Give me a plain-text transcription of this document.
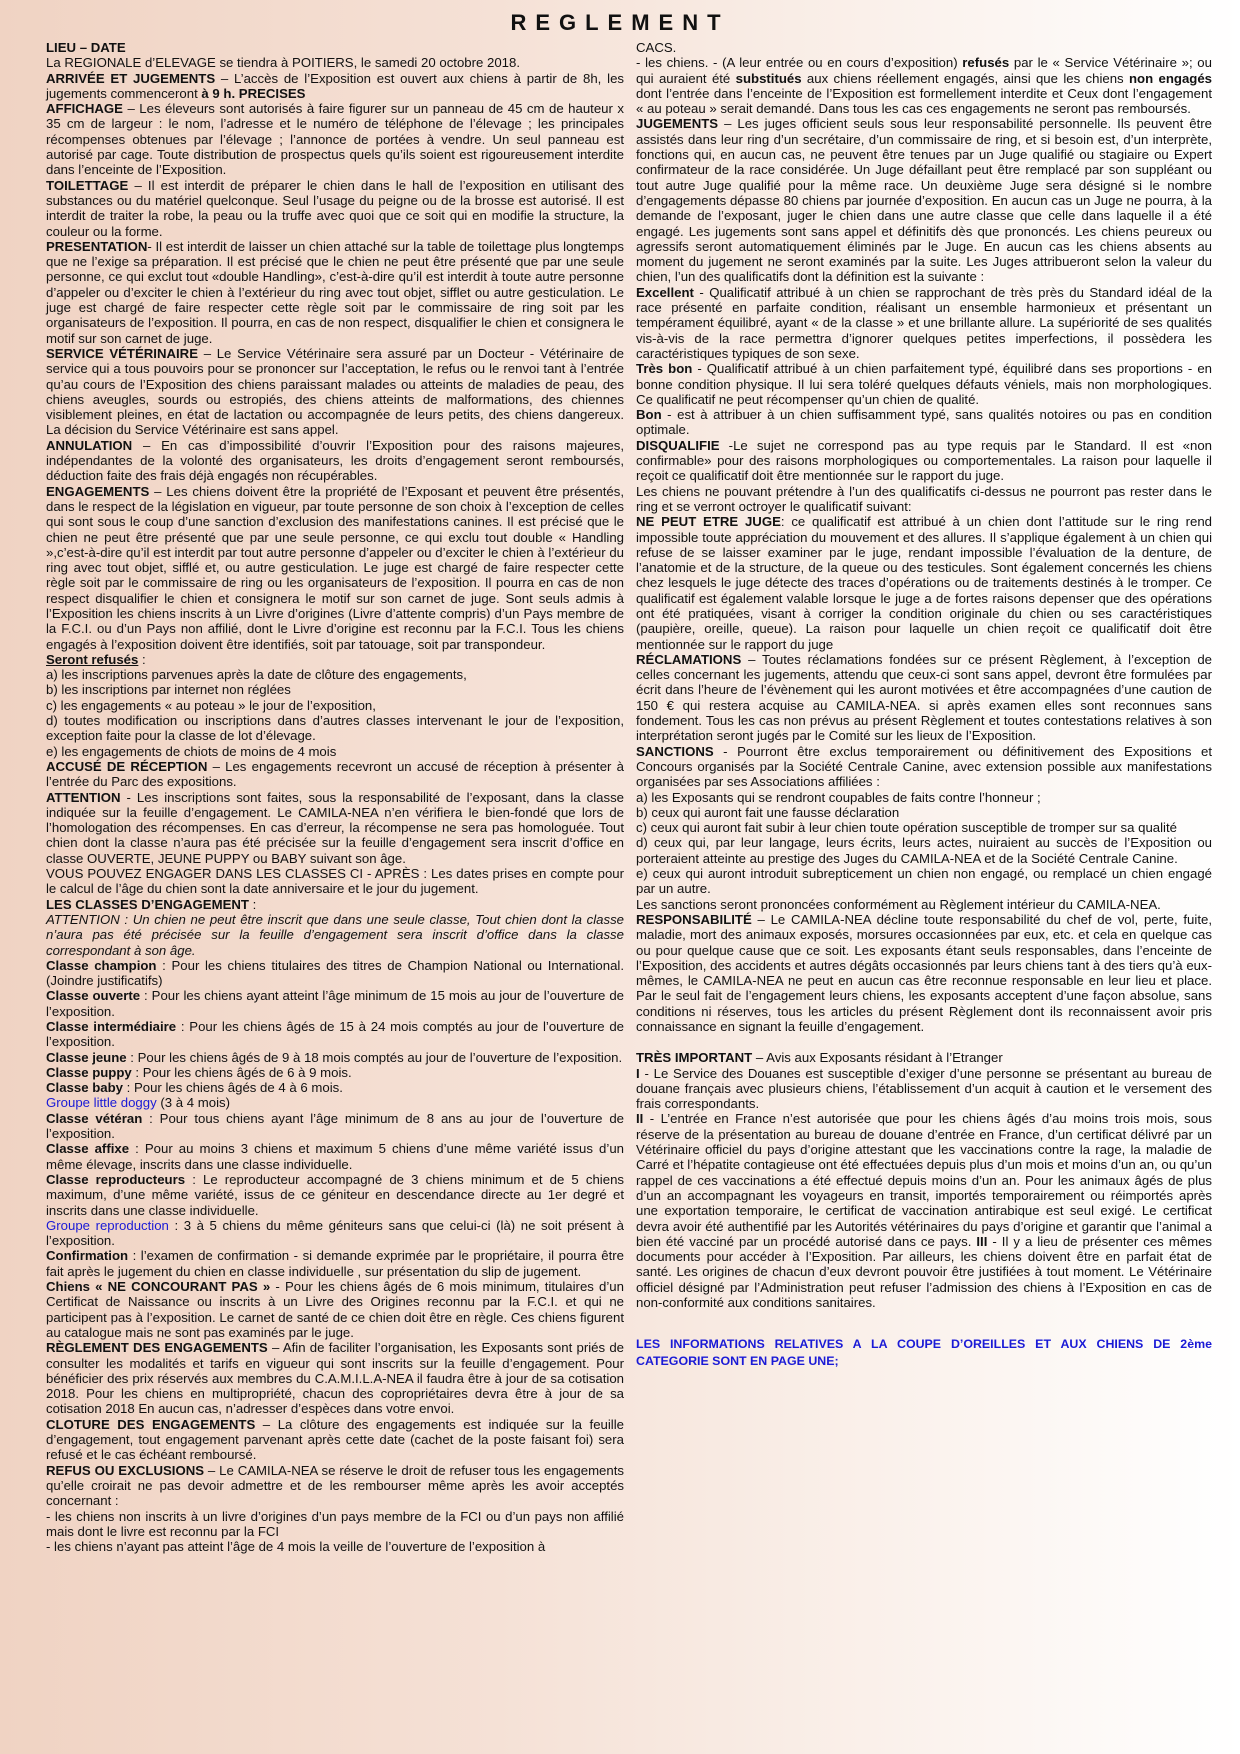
REGLEMENT

LIEU – DATE

La REGIONALE d’ELEVAGE se tiendra à POITIERS, le samedi 20 octobre 2018.

ARRIVÉE ET JUGEMENTS – L’accès de l’Exposition est ouvert aux chiens à partir de 8h, les jugements commenceront à 9 h. PRECISES

AFFICHAGE – Les éleveurs sont autorisés à faire figurer sur un panneau de 45 cm de hauteur x 35 cm de largeur : le nom, l’adresse et le numéro de téléphone de l’élevage ; les principales récompenses obtenues par l’élevage ; l’annonce de portées à vendre. Un seul panneau est autorisé par cage. Toute distribution de prospectus quels qu’ils soient est rigoureusement interdite dans l’enceinte de l’Exposition.

TOILETTAGE – Il est interdit de préparer le chien dans le hall de l’exposition en utilisant des substances ou du matériel quelconque. Seul l’usage du peigne ou de la brosse est autorisé. Il est interdit de traiter la robe, la peau ou la truffe avec quoi que ce soit qui en modifie la structure, la couleur ou la forme.

PRESENTATION- Il est interdit de laisser un chien attaché sur la table de toilettage plus longtemps que ne l’exige sa préparation. Il est précisé que le chien ne peut être présenté que par une seule personne, ce qui exclut tout «double Handling», c’est-à-dire qu’il est interdit à toute autre personne d’appeler ou d’exciter le chien à l’extérieur du ring avec tout objet, sifflet ou autre gesticulation. Le juge est chargé de faire respecter cette règle soit par le commissaire de ring soit par les organisateurs de l’exposition. Il pourra, en cas de non respect, disqualifier le chien et consignera le motif sur son carnet de juge.

SERVICE VÉTÉRINAIRE – Le Service Vétérinaire sera assuré par un Docteur - Vétérinaire de service qui a tous pouvoirs pour se prononcer sur l’acceptation, le refus ou le renvoi tant à l’entrée qu’au cours de l’Exposition des chiens paraissant malades ou atteints de maladies de peau, des chiens aveugles, sourds ou estropiés, des chiens atteints de malformations, des chiennes visiblement pleines, en état de lactation ou accompagnée de leurs petits, des chiens dangereux. La décision du Service Vétérinaire est sans appel.

ANNULATION – En cas d’impossibilité d’ouvrir l’Exposition pour des raisons majeures, indépendantes de la volonté des organisateurs, les droits d’engagement seront remboursés, déduction faite des frais déjà engagés non récupérables.

ENGAGEMENTS – Les chiens doivent être la propriété de l’Exposant et peuvent être présentés, dans le respect de la législation en vigueur, par toute personne de son choix à l’exception de celles qui sont sous le coup d’une sanction d’exclusion des manifestations canines. Il est précisé que le chien ne peut être présenté que par une seule personne, ce qui exclu tout double « Handling »,c’est-à-dire qu’il est interdit par tout autre personne d’appeler ou d’exciter le chien à l’extérieur du ring avec tout objet, sifflé et, ou autre gesticulation. Le juge est chargé de faire respecter cette règle soit par le commissaire de ring ou les organisateurs de l’exposition. Il pourra en cas de non respect disqualifier le chien et consignera le motif sur son carnet de juge. Sont seuls admis à l’Exposition les chiens inscrits à un Livre d’origines (Livre d’attente compris) d’un Pays membre de la F.C.I. ou d’un Pays non affilié, dont le Livre d’origine est reconnu par la F.C.I. Tous les chiens engagés à l’exposition doivent être identifiés, soit par tatouage, soit par transpondeur.

Seront refusés :

a) les inscriptions parvenues après la date de clôture des engagements,

b) les inscriptions par internet non réglées

c) les engagements « au poteau » le jour de l’exposition,

d) toutes modification ou inscriptions dans d’autres classes intervenant le jour de l’exposition, exception faite pour la classe de lot d’élevage.

e) les engagements de chiots de moins de 4 mois

ACCUSÉ DE RÉCEPTION – Les engagements recevront un accusé de réception à présenter à l’entrée du Parc des expositions.

ATTENTION - Les inscriptions sont faites, sous la responsabilité de l’exposant, dans la classe indiquée sur la feuille d’engagement. Le CAMILA-NEA n’en vérifiera le bien-fondé que lors de l’homologation des récompenses. En cas d’erreur, la récompense ne sera pas homologuée. Tout chien dont la classe n’aura pas été précisée sur la feuille d’engagement sera inscrit d’office en classe OUVERTE, JEUNE PUPPY ou BABY suivant son âge.

VOUS POUVEZ ENGAGER DANS LES CLASSES CI - APRÈS : Les dates prises en compte pour le calcul de l’âge du chien sont la date anniversaire et le jour du jugement.

LES CLASSES D’ENGAGEMENT :

ATTENTION : Un chien ne peut être inscrit que dans une seule classe, Tout chien dont la classe n’aura pas été précisée sur la feuille d’engagement sera inscrit d’office dans la classe correspondant à son âge.

Classe champion : Pour les chiens titulaires des titres de Champion National ou International. (Joindre justificatifs)

Classe ouverte : Pour les chiens ayant atteint l’âge minimum de 15 mois au jour de l’ouverture de l’exposition.

Classe intermédiaire : Pour les chiens âgés de 15 à 24 mois comptés au jour de l’ouverture de l’exposition.

Classe jeune : Pour les chiens âgés de 9 à 18 mois comptés au jour de l’ouverture de l’exposition.

Classe puppy : Pour les chiens âgés de 6 à 9 mois.

Classe baby : Pour les chiens âgés de 4 à 6 mois.

Groupe little doggy (3 à 4 mois)

Classe vétéran : Pour tous chiens ayant l’âge minimum de 8 ans au jour de l’ouverture de l’exposition.

Classe affixe : Pour au moins 3 chiens et maximum 5 chiens d’une même variété issus d’un même élevage, inscrits dans une classe individuelle.

Classe reproducteurs : Le reproducteur accompagné de 3 chiens minimum et de 5 chiens maximum, d’une même variété, issus de ce géniteur en descendance directe au 1er degré et inscrits dans une classe individuelle.

Groupe reproduction : 3 à 5 chiens du même géniteurs sans que celui-ci (là) ne soit présent à l’exposition.

Confirmation : l’examen de confirmation - si demande exprimée par le propriétaire, il pourra être fait après le jugement du chien en classe individuelle , sur présentation du slip de jugement.

Chiens « NE CONCOURANT PAS » - Pour les chiens âgés de 6 mois minimum, titulaires d’un Certificat de Naissance ou inscrits à un Livre des Origines reconnu par la F.C.I. et qui ne participent pas à l’exposition. Le carnet de santé de ce chien doit être en règle. Ces chiens figurent au catalogue mais ne sont pas examinés par le juge.

RÈGLEMENT DES ENGAGEMENTS – Afin de faciliter l’organisation, les Exposants sont priés de consulter les modalités et tarifs en vigueur qui sont inscrits sur la feuille d’engagement. Pour bénéficier des prix réservés aux membres du C.A.M.I.L.A-NEA il faudra être à jour de sa cotisation 2018. Pour les chiens en multipropriété, chacun des copropriétaires devra être à jour de sa cotisation 2018 En aucun cas, n’adresser d’espèces dans votre envoi.

CLOTURE DES ENGAGEMENTS – La clôture des engagements est indiquée sur la feuille d’engagement, tout engagement parvenant après cette date (cachet de la poste faisant foi) sera refusé et le cas échéant remboursé.

REFUS OU EXCLUSIONS – Le CAMILA-NEA se réserve le droit de refuser tous les engagements qu’elle croirait ne pas devoir admettre et de les rembourser même après les avoir acceptés concernant :

- les chiens non inscrits à un livre d’origines d’un pays membre de la FCI ou d’un pays non affilié mais dont le livre est reconnu par la FCI

- les chiens n’ayant pas atteint l’âge de 4 mois la veille de l’ouverture de l’exposition à

CACS.

- les chiens. - (A leur entrée ou en cours d’exposition) refusés par le « Service Vétérinaire »; ou qui auraient été substitués aux chiens réellement engagés, ainsi que les chiens non engagés dont l’entrée dans l’enceinte de l’Exposition est formellement interdite et Ceux dont l’engagement « au poteau » serait demandé. Dans tous les cas ces engagements ne seront pas remboursés.

JUGEMENTS – Les juges officient seuls sous leur responsabilité personnelle. Ils peuvent être assistés dans leur ring d’un secrétaire, d’un commissaire de ring, et si besoin est, d’un interprète, fonctions qui, en aucun cas, ne peuvent être tenues par un Juge qualifié ou stagiaire ou Expert confirmateur de la race considérée. Un Juge défaillant peut être remplacé par son suppléant ou tout autre Juge qualifié pour la même race. Un deuxième Juge sera désigné si le nombre d’engagements dépasse 80 chiens par journée d’exposition. En aucun cas un Juge ne pourra, à la demande de l’exposant, juger le chien dans une autre classe que celle dans laquelle il a été engagé. Les jugements sont sans appel et définitifs dès que prononcés. Les chiens peureux ou agressifs seront automatiquement éliminés par le Juge. En aucun cas les chiens absents au moment du jugement ne seront examinés par la suite. Les Juges attribueront selon la valeur du chien, l’un des qualificatifs dont la définition est la suivante :

Excellent - Qualificatif attribué à un chien se rapprochant de très près du Standard idéal de la race présenté en parfaite condition, réalisant un ensemble harmonieux et présentant un tempérament équilibré, ayant « de la classe » et une brillante allure. La supériorité de ses qualités vis-à-vis de la race permettra d’ignorer quelques petites imperfections, il possèdera les caractéristiques typiques de son sexe.

Très bon - Qualificatif attribué à un chien parfaitement typé, équilibré dans ses proportions - en bonne condition physique. Il lui sera toléré quelques défauts véniels, mais non morphologiques. Ce qualificatif ne peut récompenser qu’un chien de qualité.

Bon - est à attribuer à un chien suffisamment typé, sans qualités notoires ou pas en condition optimale.

DISQUALIFIE -Le sujet ne correspond pas au type requis par le Standard. Il est «non confirmable» pour des raisons morphologiques ou comportementales. La raison pour laquelle il reçoit ce qualificatif doit être mentionnée sur le rapport du juge.

Les chiens ne pouvant prétendre à l’un des qualificatifs ci-dessus ne pourront pas rester dans le ring et se verront octroyer le qualificatif suivant:

NE PEUT ETRE JUGE: ce qualificatif est attribué à un chien dont l’attitude sur le ring rend impossible toute appréciation du mouvement et des allures. Il s’applique également à un chien qui refuse de se laisser examiner par le juge, rendant impossible l’évaluation de la denture, de l’anatomie et de la structure, de la queue ou des testicules. Sont également concernés les chiens chez lesquels le juge détecte des traces d’opérations ou de traitements destinés à le tromper. Ce qualificatif est également valable lorsque le juge a de fortes raisons depenser que des opérations ont été pratiquées, visant à corriger la condition originale du chien ou ses caractéristiques (paupière, oreille, queue). La raison pour laquelle un chien reçoit ce qualificatif doit être mentionnée sur le rapport du juge

RÉCLAMATIONS – Toutes réclamations fondées sur ce présent Règlement, à l’exception de celles concernant les jugements, attendu que ceux-ci sont sans appel, devront être formulées par écrit dans l’heure de l’évènement qui les auront motivées et être accompagnées d’une caution de 150 € qui restera acquise au CAMILA-NEA. si après examen elles sont reconnues sans fondement. Tous les cas non prévus au présent Règlement et toutes contestations relatives à son interprétation seront jugés par le Comité sur les lieux de l’Exposition.

SANCTIONS - Pourront être exclus temporairement ou définitivement des Expositions et Concours organisés par la Société Centrale Canine, avec extension possible aux manifestations organisées par ses Associations affiliées :

a) les Exposants qui se rendront coupables de faits contre l’honneur ;

b) ceux qui auront fait une fausse déclaration

c) ceux qui auront fait subir à leur chien toute opération susceptible de tromper sur sa qualité

d) ceux qui, par leur langage, leurs écrits, leurs actes, nuiraient au succès de l’Exposition ou porteraient atteinte au prestige des Juges du CAMILA-NEA et de la Société Centrale Canine.

e) ceux qui auront introduit subrepticement un chien non engagé, ou remplacé un chien engagé par un autre.

Les sanctions seront prononcées conformément au Règlement intérieur du CAMILA-NEA.

RESPONSABILITÉ – Le CAMILA-NEA décline toute responsabilité du chef de vol, perte, fuite, maladie, mort des animaux exposés, morsures occasionnées par eux, etc. et cela en quelque cas ou pour quelque cause que ce soit. Les exposants étant seuls responsables, dans l’enceinte de l’Exposition, des accidents et autres dégâts occasionnés par leurs chiens tant à des tiers qu’à eux-mêmes, le CAMILA-NEA ne peut en aucun cas être reconnue responsable en leur lieu et place. Par le seul fait de l’engagement leurs chiens, les exposants acceptent d’une façon absolue, sans conditions ni réserves, tous les articles du présent Règlement dont ils reconnaissent avoir pris connaissance en signant la feuille d’engagement.

TRÈS IMPORTANT – Avis aux Exposants résidant à l’Etranger

I - Le Service des Douanes est susceptible d’exiger d’une personne se présentant au bureau de douane français avec plusieurs chiens, l’établissement d’un acquit à caution et le versement des frais correspondants.

II - L’entrée en France n’est autorisée que pour les chiens âgés d’au moins trois mois, sous réserve de la présentation au bureau de douane d’entrée en France, d’un certificat délivré par un Vétérinaire officiel du pays d’origine attestant que les vaccinations contre la rage, la maladie de Carré et l’hépatite contagieuse ont été effectuées depuis plus d’un mois et moins d’un an, ou qu’un rappel de ces vaccinations a été effectué depuis moins d’un an. Pour les animaux âgés de plus d’un an accompagnant les voyageurs en transit, importés temporairement ou réimportés après une exportation temporaire, le certificat de vaccination antirabique est seul exigé. Le certificat devra avoir été authentifié par les Autorités vétérinaires du pays d’origine et garantir que l’animal a bien été vacciné par un procédé autorisé dans ce pays. III - Il y a lieu de présenter ces mêmes documents pour accéder à l’Exposition. Par ailleurs, les chiens doivent être en parfait état de santé. Les origines de chacun d’eux devront pouvoir être justifiées à tout moment. Le Vétérinaire officiel désigné par l’Administration peut refuser l’admission des chiens à l’Exposition en cas de non-conformité aux conditions sanitaires.

LES INFORMATIONS RELATIVES A LA COUPE D’OREILLES ET AUX CHIENS DE 2ème CATEGORIE SONT EN PAGE UNE;
